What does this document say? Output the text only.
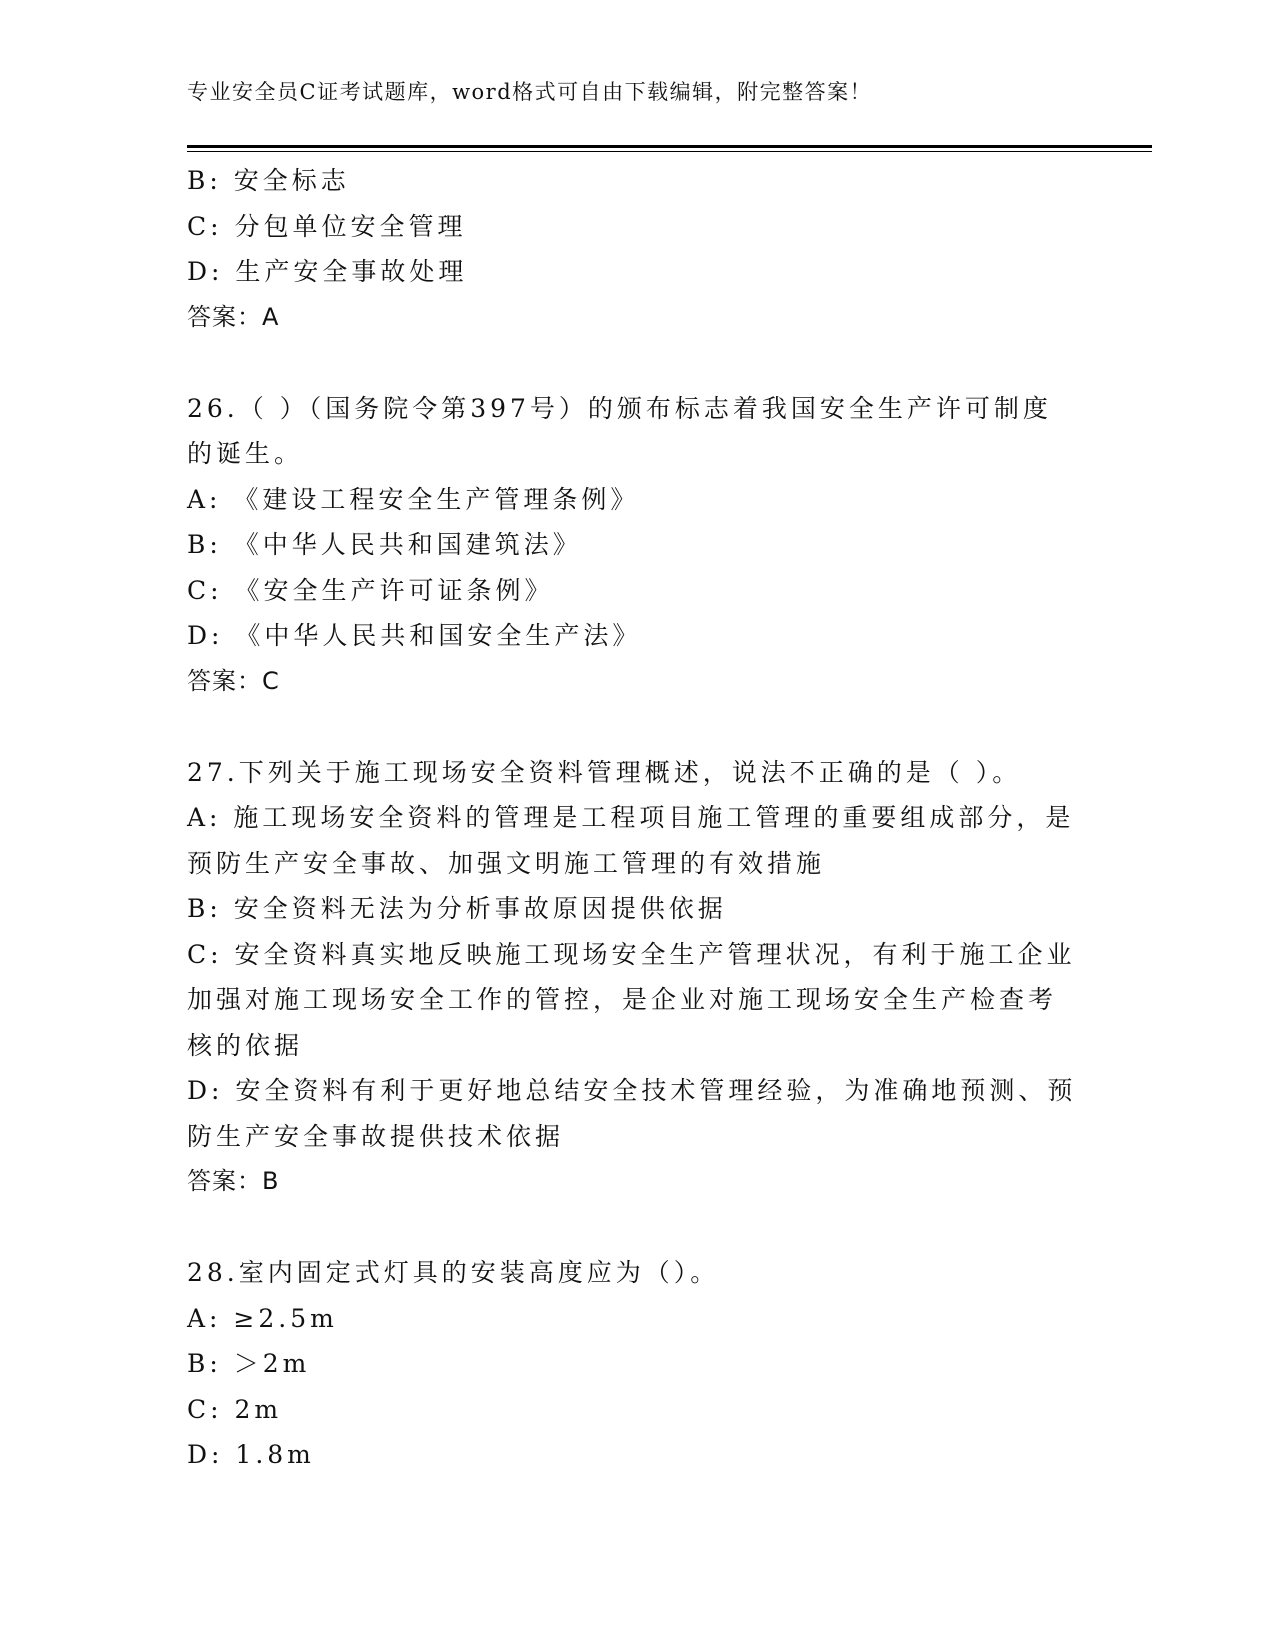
专业安全员C证考试题库，word格式可自由下载编辑，附完整答案！
B: 安全标志
C: 分包单位安全管理
D: 生产安全事故处理
答案：A
26.（ ）（国务院令第397号）的颁布标志着我国安全生产许可制度
的诞生。
A: 《建设工程安全生产管理条例》
B: 《中华人民共和国建筑法》
C: 《安全生产许可证条例》
D: 《中华人民共和国安全生产法》
答案：C
27.下列关于施工现场安全资料管理概述，说法不正确的是（ ）。
A: 施工现场安全资料的管理是工程项目施工管理的重要组成部分，是
预防生产安全事故、加强文明施工管理的有效措施
B: 安全资料无法为分析事故原因提供依据
C: 安全资料真实地反映施工现场安全生产管理状况，有利于施工企业
加强对施工现场安全工作的管控，是企业对施工现场安全生产检查考
核的依据
D: 安全资料有利于更好地总结安全技术管理经验，为准确地预测、预
防生产安全事故提供技术依据
答案：B
28.室内固定式灯具的安装高度应为（）。
A: ≥2.5m
B: ＞2m
C: 2m
D: 1.8m
